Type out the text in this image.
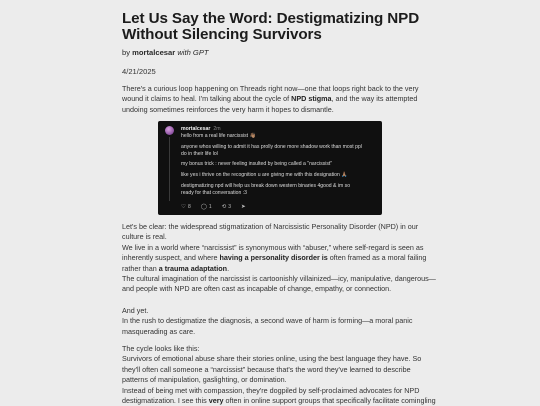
Let Us Say the Word: Destigmatizing NPD
Without Silencing Survivors
by mortalcesar with GPT
4/21/2025
There's a curious loop happening on Threads right now—one that loops right back to the very
wound it claims to heal. I'm talking about the cycle of NPD stigma, and the way its attempted
undoing sometimes reinforces the very harm it hopes to dismantle.
mortalcesar 2m
hello from a real life narcissist 👋🏽
anyone whos willing to admit it has prolly done more shadow work than most ppl
do in their life lol
my bonus trick : never feeling insulted by being called a "narcissist"
like yes i thrive on the recognition u are giving me with this designation 🙏🏽
destigmatizing npd will help us break down western binaries 4good & im so
ready for that conversation :3
♡ 8 ◯ 1 ⟲ 3 ➤
Let's be clear: the widespread stigmatization of Narcissistic Personality Disorder (NPD) in our
culture is real.
We live in a world where “narcissist” is synonymous with “abuser,” where self-regard is seen as
inherently suspect, and where having a personality disorder is often framed as a moral failing
rather than a trauma adaptation.
The cultural imagination of the narcissist is cartoonishly villainized—icy, manipulative, dangerous—
and people with NPD are often cast as incapable of change, empathy, or connection.
And yet.
In the rush to destigmatize the diagnosis, a second wave of harm is forming—a moral panic
masquerading as care.
The cycle looks like this:
Survivors of emotional abuse share their stories online, using the best language they have. So
they'll often call someone a “narcissist” because that's the word they've learned to describe
patterns of manipulation, gaslighting, or domination.
Instead of being met with compassion, they're dogpiled by self-proclaimed advocates for NPD
destigmatization. I see this very often in online support groups that specifically facilitate comingling
